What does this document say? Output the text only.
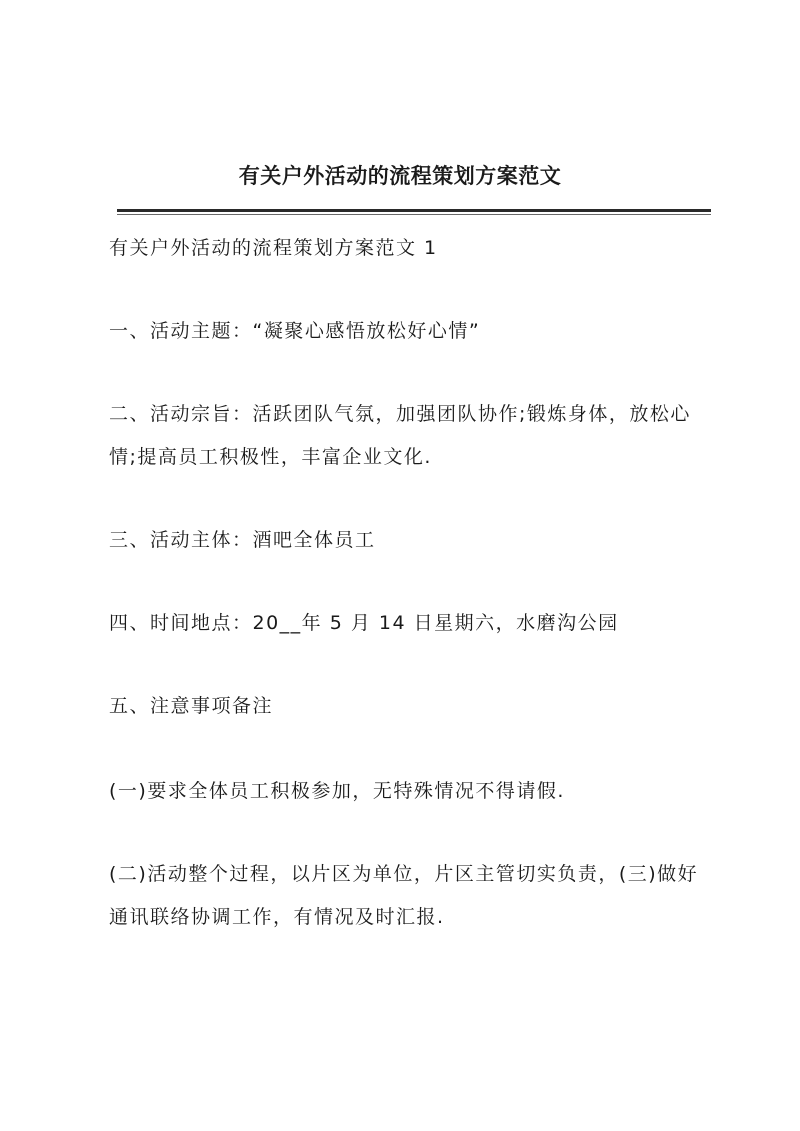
有关户外活动的流程策划方案范文
有关户外活动的流程策划方案范文 1
一、活动主题：“凝聚心感悟放松好心情”
二、活动宗旨：活跃团队气氛，加强团队协作;锻炼身体，放松心情;提高员工积极性，丰富企业文化.
三、活动主体：酒吧全体员工
四、时间地点：20__年 5 月 14 日星期六，水磨沟公园
五、注意事项备注
(一)要求全体员工积极参加，无特殊情况不得请假.
(二)活动整个过程，以片区为单位，片区主管切实负责，(三)做好通讯联络协调工作，有情况及时汇报.
